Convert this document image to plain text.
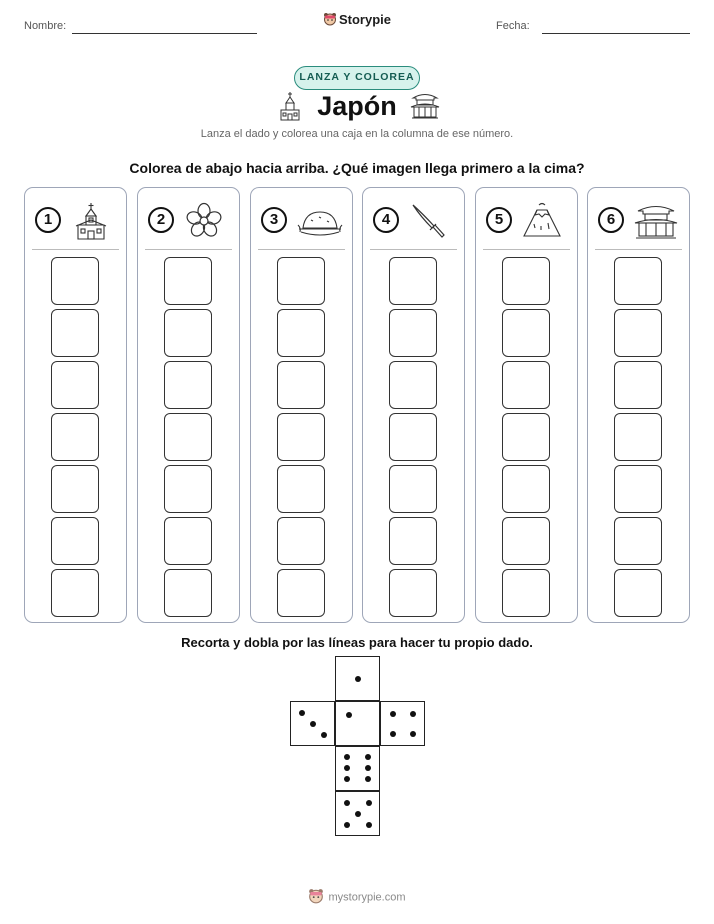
Nombre:	Fecha:
Storypie
LANZA Y COLOREA
Japón
Lanza el dado y colorea una caja en la columna de ese número.
Colorea de abajo hacia arriba. ¿Qué imagen llega primero a la cima?
1	2	3	4	5	6
Recorta y dobla por las líneas para hacer tu propio dado.
mystorypie.com
